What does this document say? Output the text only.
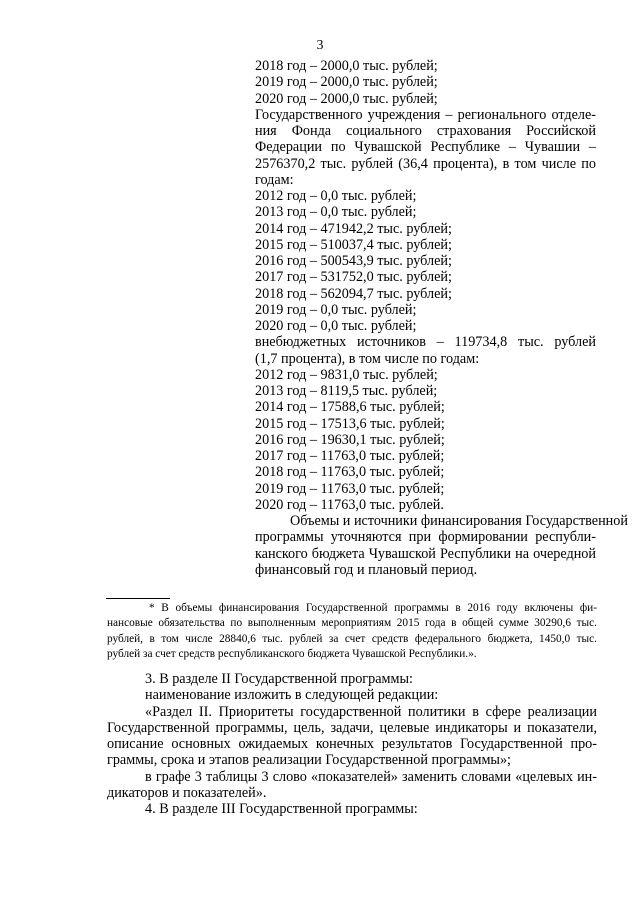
3
2018 год – 2000,0 тыс. рублей;
2019 год – 2000,0 тыс. рублей;
2020 год – 2000,0 тыс. рублей;
Государственного учреждения – регионального отделе-
ния Фонда социального страхования Российской
Федерации по Чувашской Республике – Чувашии –
2576370,2 тыс. рублей (36,4 процента), в том числе по
годам:
2012 год – 0,0 тыс. рублей;
2013 год – 0,0 тыс. рублей;
2014 год – 471942,2 тыс. рублей;
2015 год – 510037,4 тыс. рублей;
2016 год – 500543,9 тыс. рублей;
2017 год – 531752,0 тыс. рублей;
2018 год – 562094,7 тыс. рублей;
2019 год – 0,0 тыс. рублей;
2020 год – 0,0 тыс. рублей;
внебюджетных источников – 119734,8 тыс. рублей
(1,7 процента), в том числе по годам:
2012 год – 9831,0 тыс. рублей;
2013 год – 8119,5 тыс. рублей;
2014 год – 17588,6 тыс. рублей;
2015 год – 17513,6 тыс. рублей;
2016 год – 19630,1 тыс. рублей;
2017 год – 11763,0 тыс. рублей;
2018 год – 11763,0 тыс. рублей;
2019 год – 11763,0 тыс. рублей;
2020 год – 11763,0 тыс. рублей.
Объемы и источники финансирования Государственной
программы уточняются при формировании республи-
канского бюджета Чувашской Республики на очередной
финансовый год и плановый период.
* В объемы финансирования Государственной программы в 2016 году включены фи-
нансовые обязательства по выполненным мероприятиям 2015 года в общей сумме 30290,6 тыс.
рублей, в том числе 28840,6 тыс. рублей за счет средств федерального бюджета, 1450,0 тыс.
рублей за счет средств республиканского бюджета Чувашской Республики.».
3. В разделе II Государственной программы:
наименование изложить в следующей редакции:
«Раздел II. Приоритеты государственной политики в сфере реализации
Государственной программы, цель, задачи, целевые индикаторы и показатели,
описание основных ожидаемых конечных результатов Государственной про-
граммы, срока и этапов реализации Государственной программы»;
в графе 3 таблицы 3 слово «показателей» заменить словами «целевых ин-
дикаторов и показателей».
4. В разделе III Государственной программы:
